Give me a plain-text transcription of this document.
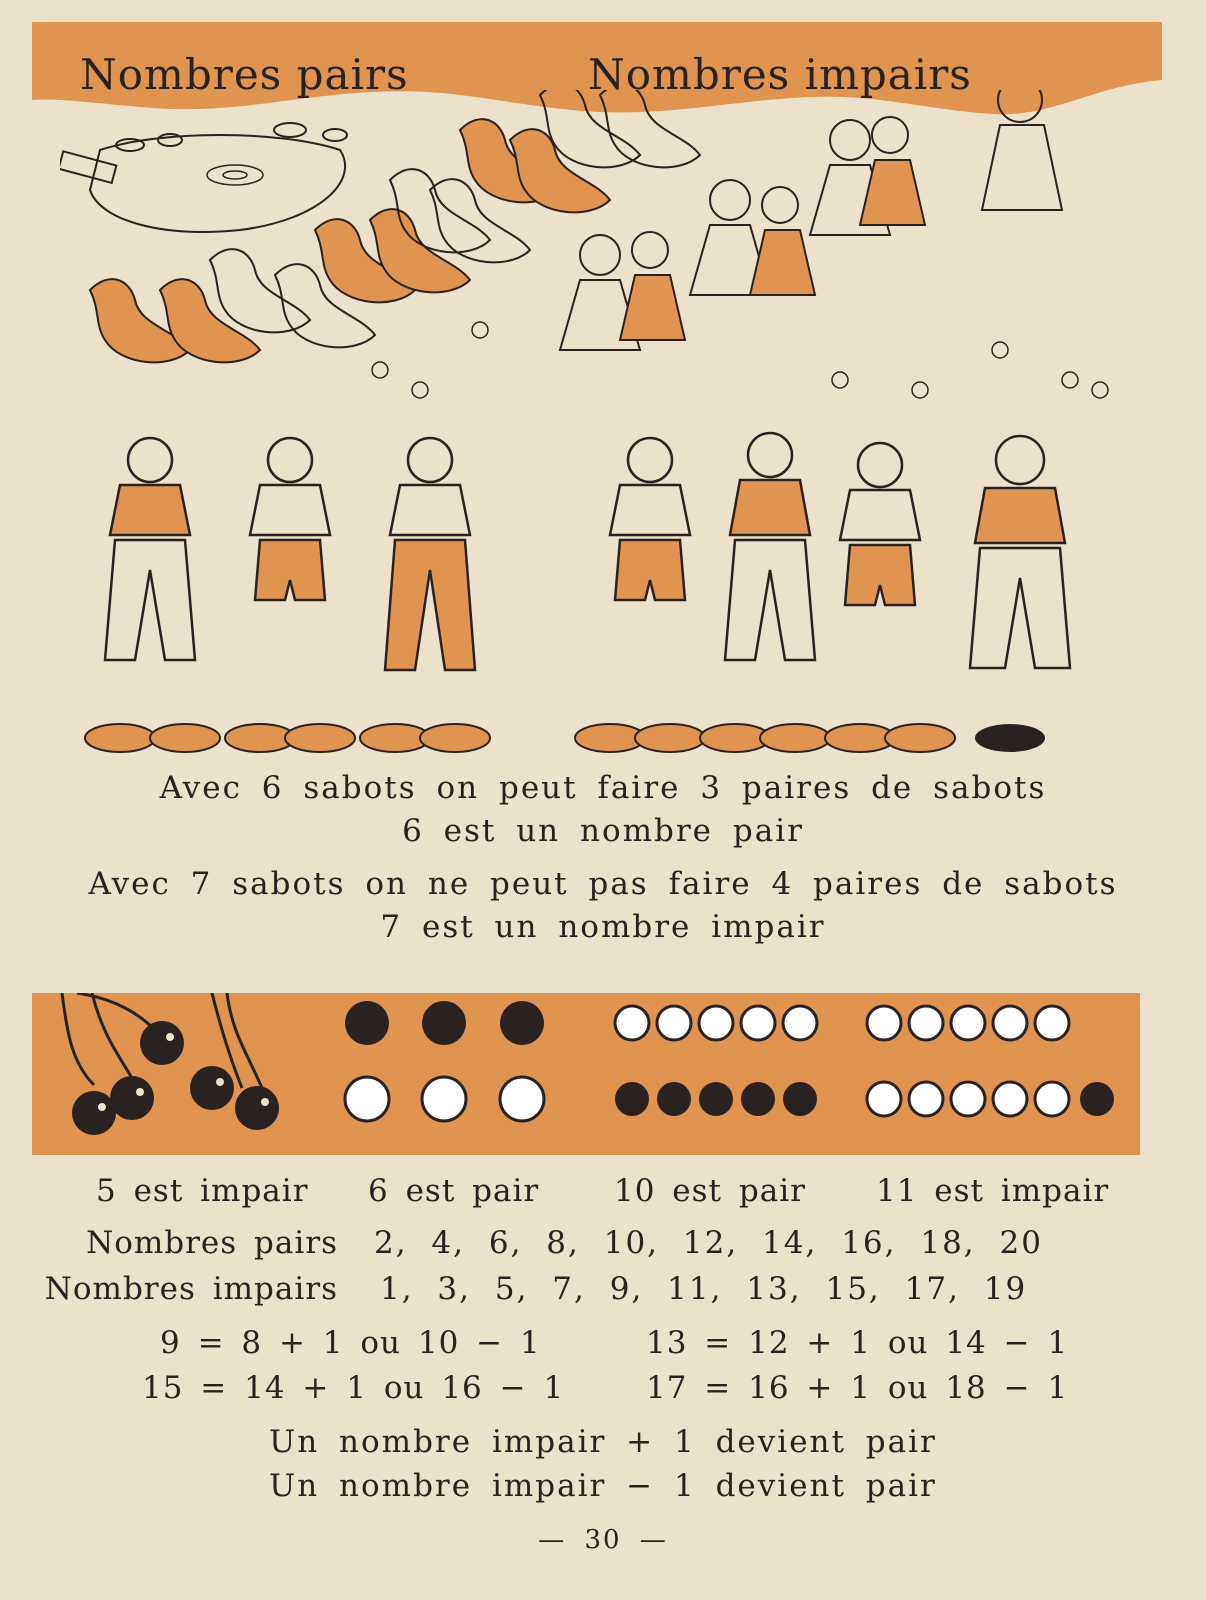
Nombres pairs	Nombres impairs
Avec 6 sabots on peut faire 3 paires de sabots
6 est un nombre pair
Avec 7 sabots on ne peut pas faire 4 paires de sabots
7 est un nombre impair
5 est impair 6 est pair 10 est pair 11 est impair
Nombres pairs 2, 4, 6, 8, 10, 12, 14, 16, 18, 20
Nombres impairs 1, 3, 5, 7, 9, 11, 13, 15, 17, 19
9 = 8 + 1 ou 10 − 1	13 = 12 + 1 ou 14 − 1
15 = 14 + 1 ou 16 − 1	17 = 16 + 1 ou 18 − 1
Un nombre impair + 1 devient pair
Un nombre impair − 1 devient pair
— 30 —
